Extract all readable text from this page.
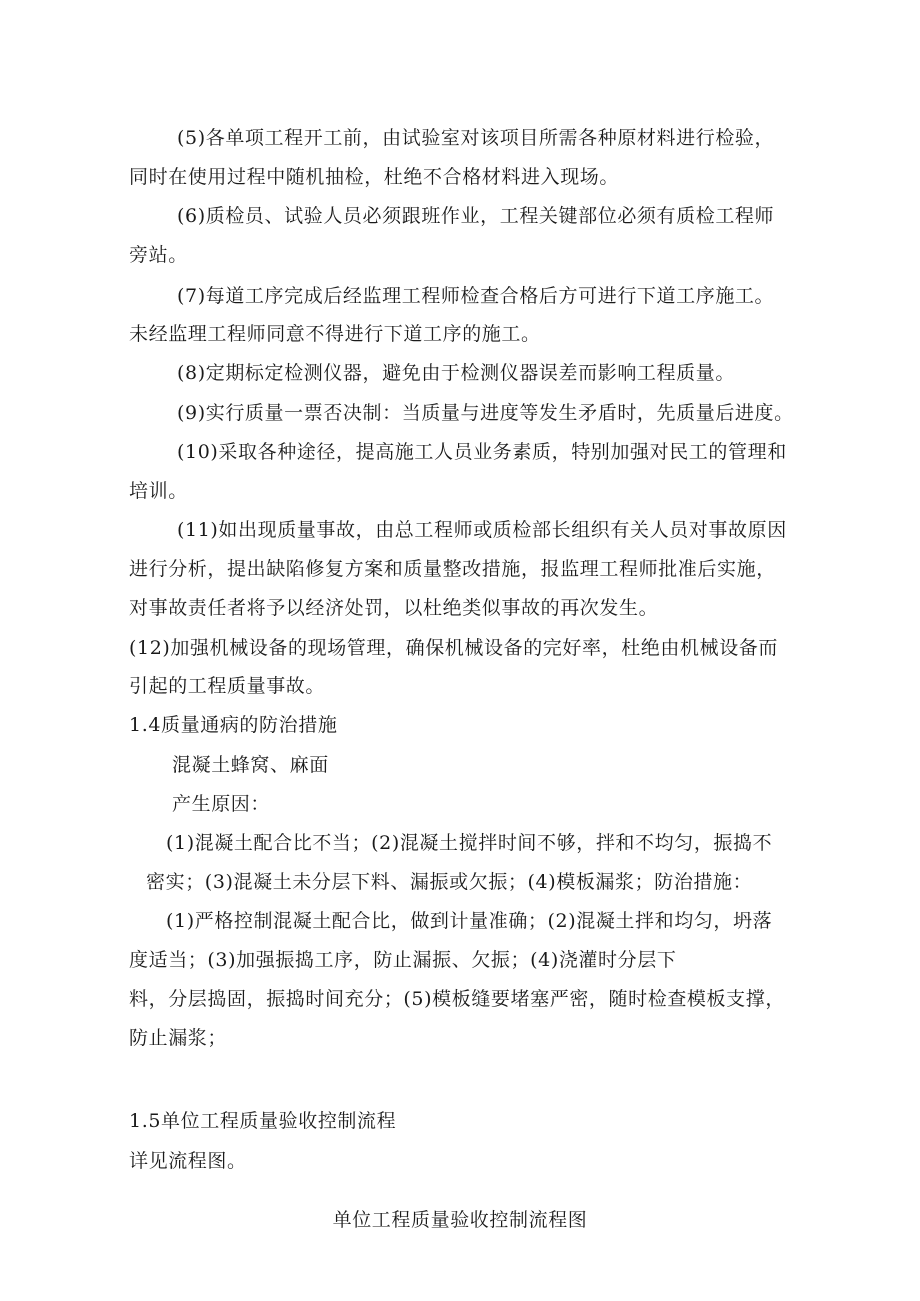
(5)各单项工程开工前，由试验室对该项目所需各种原材料进行检验，
同时在使用过程中随机抽检，杜绝不合格材料进入现场。
(6)质检员、试验人员必须跟班作业，工程关键部位必须有质检工程师
旁站。
(7)每道工序完成后经监理工程师检查合格后方可进行下道工序施工。
未经监理工程师同意不得进行下道工序的施工。
(8)定期标定检测仪器，避免由于检测仪器误差而影响工程质量。
(9)实行质量一票否决制：当质量与进度等发生矛盾时，先质量后进度。
(10)采取各种途径，提高施工人员业务素质，特别加强对民工的管理和
培训。
(11)如出现质量事故，由总工程师或质检部长组织有关人员对事故原因
进行分析，提出缺陷修复方案和质量整改措施，报监理工程师批准后实施，
对事故责任者将予以经济处罚，以杜绝类似事故的再次发生。
(12)加强机械设备的现场管理，确保机械设备的完好率，杜绝由机械设备而
引起的工程质量事故。
1.4质量通病的防治措施
混凝土蜂窝、麻面
产生原因：
(1)混凝土配合比不当；(2)混凝土搅拌时间不够，拌和不均匀，振捣不
密实；(3)混凝土未分层下料、漏振或欠振；(4)模板漏浆；防治措施：
(1)严格控制混凝土配合比，做到计量准确；(2)混凝土拌和均匀，坍落
度适当；(3)加强振捣工序，防止漏振、欠振；(4)浇灌时分层下
料，分层捣固，振捣时间充分；(5)模板缝要堵塞严密，随时检查模板支撑，
防止漏浆；
1.5单位工程质量验收控制流程
详见流程图。
单位工程质量验收控制流程图
